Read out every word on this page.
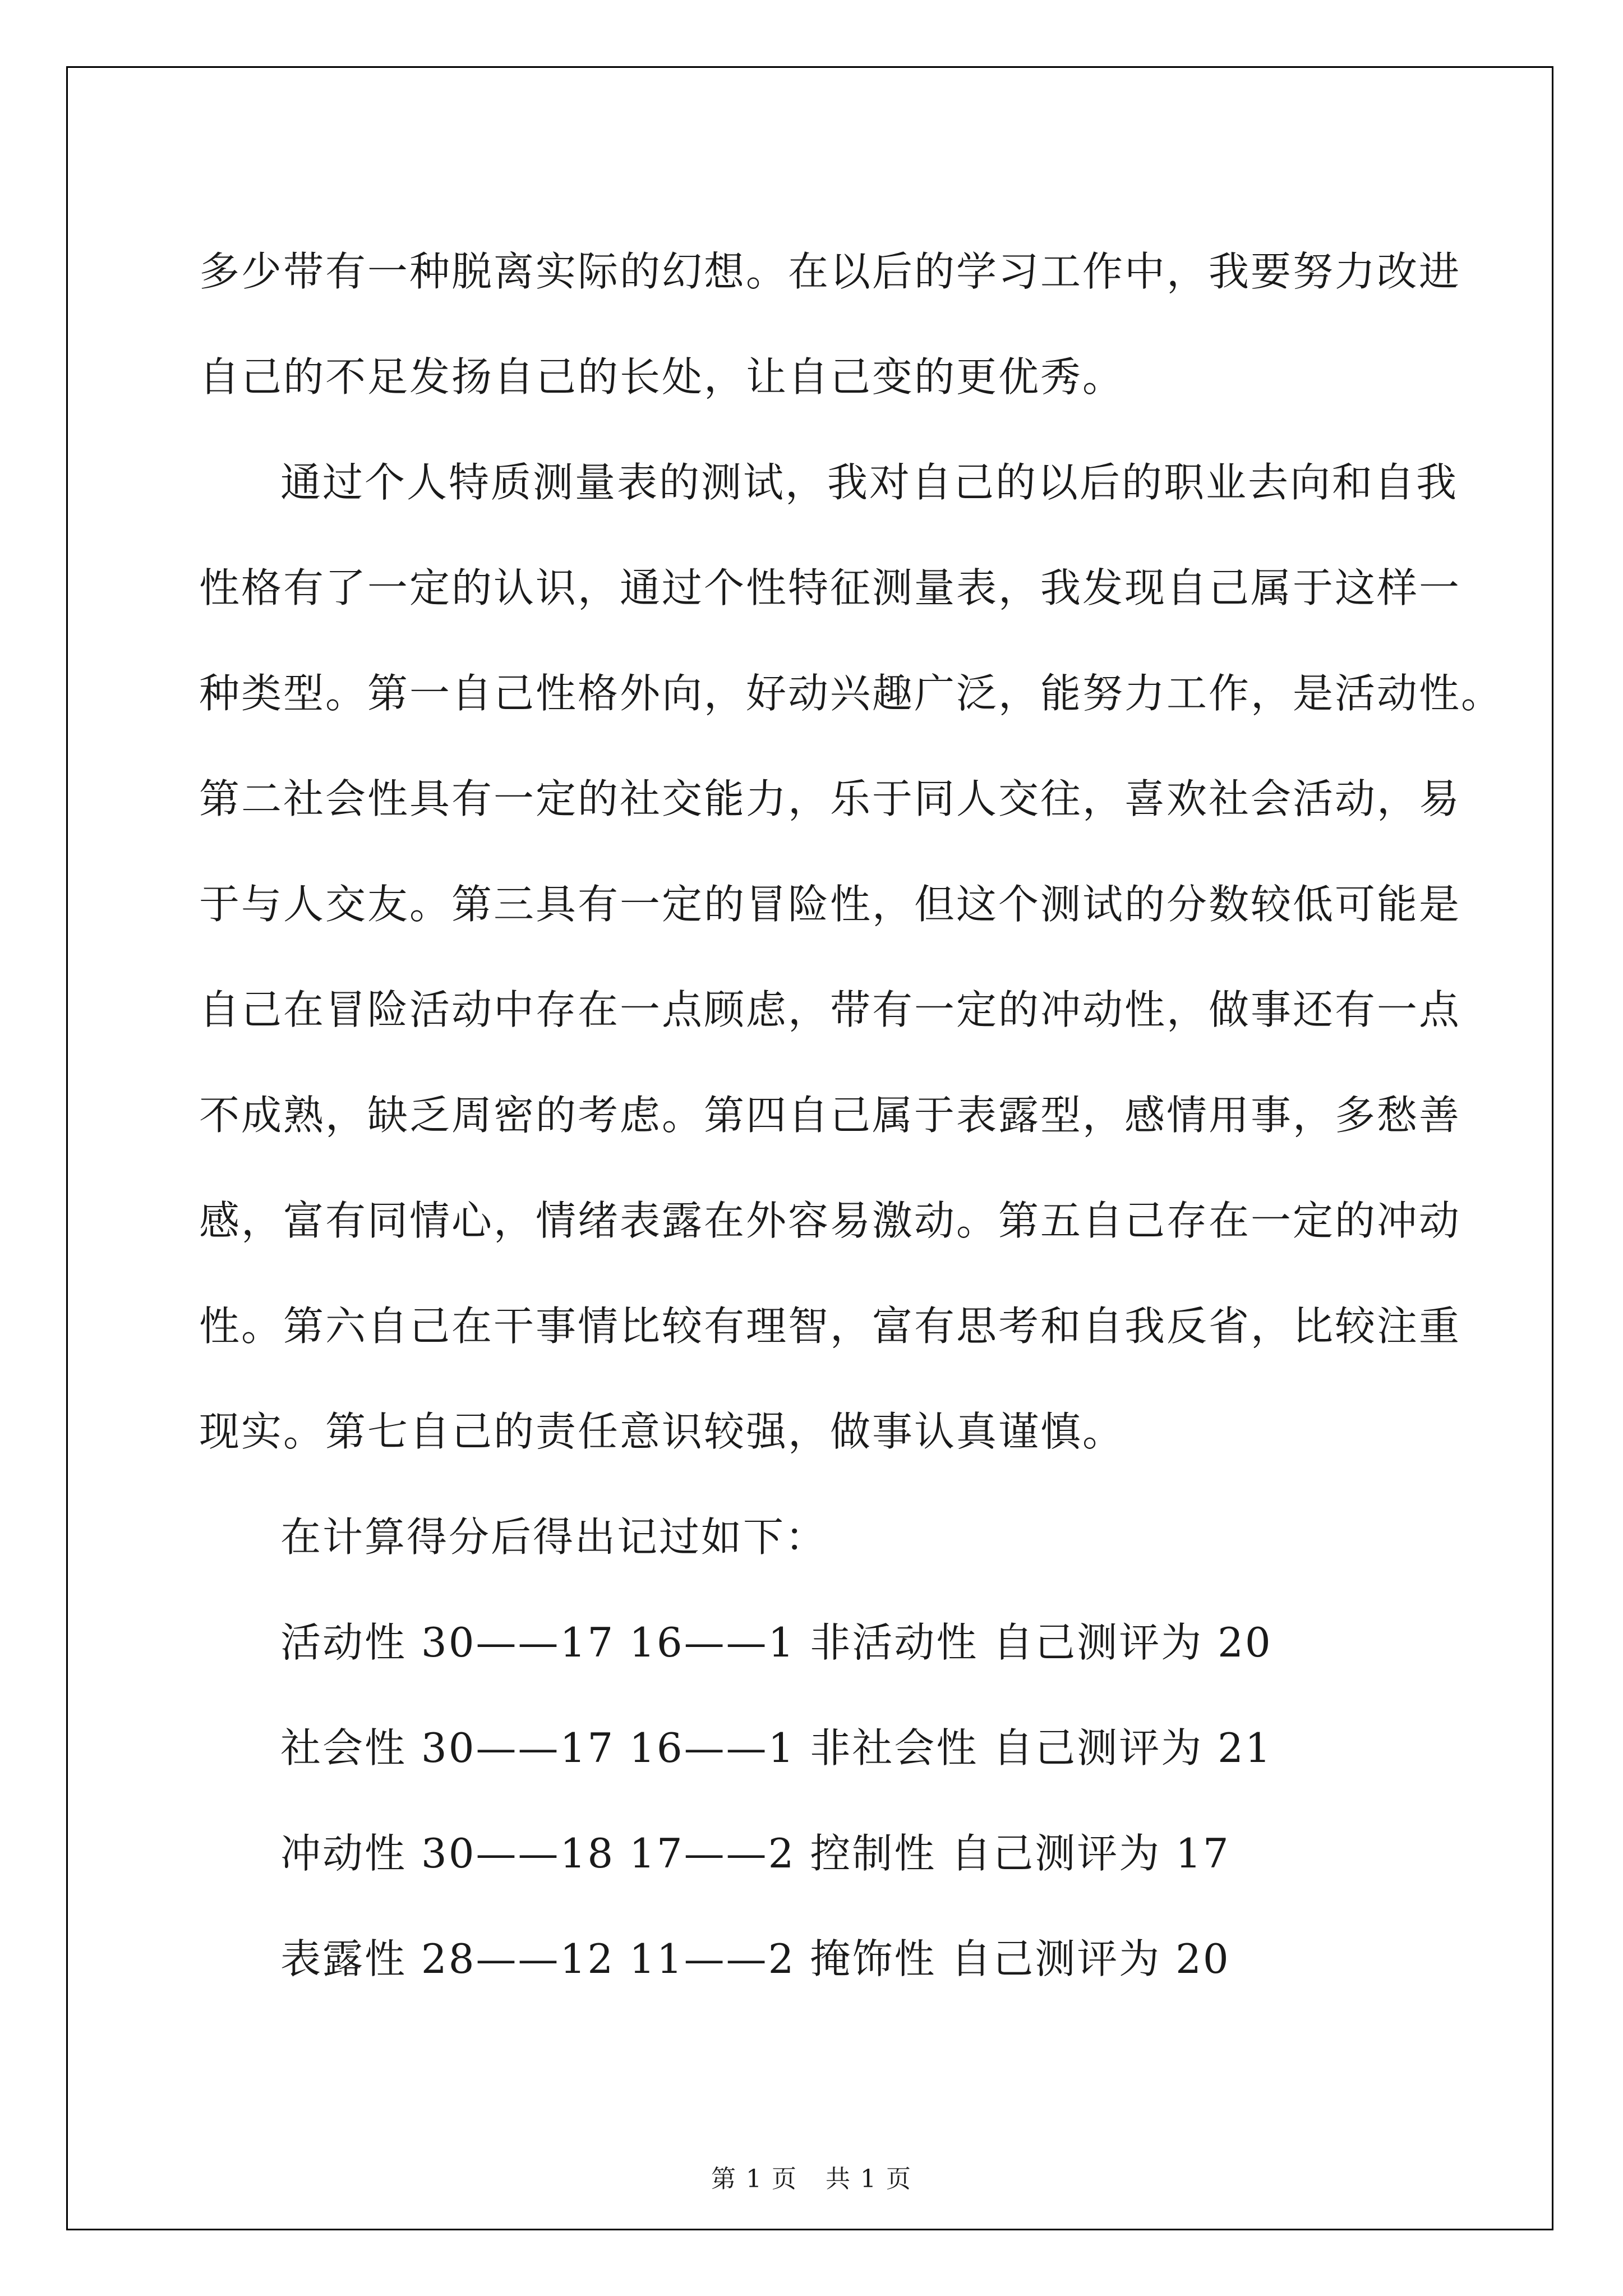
多少带有一种脱离实际的幻想。在以后的学习工作中，我要努力改进
自己的不足发扬自己的长处，让自己变的更优秀。
通过个人特质测量表的测试，我对自己的以后的职业去向和自我
性格有了一定的认识，通过个性特征测量表，我发现自己属于这样一
种类型。第一自己性格外向，好动兴趣广泛，能努力工作，是活动性。
第二社会性具有一定的社交能力，乐于同人交往，喜欢社会活动，易
于与人交友。第三具有一定的冒险性，但这个测试的分数较低可能是
自己在冒险活动中存在一点顾虑，带有一定的冲动性，做事还有一点
不成熟，缺乏周密的考虑。第四自己属于表露型，感情用事，多愁善
感，富有同情心，情绪表露在外容易激动。第五自己存在一定的冲动
性。第六自己在干事情比较有理智，富有思考和自我反省，比较注重
现实。第七自己的责任意识较强，做事认真谨慎。
在计算得分后得出记过如下：
活动性 30——17 16——1 非活动性 自己测评为 20
社会性 30——17 16——1 非社会性 自己测评为 21
冲动性 30——18 17——2 控制性 自己测评为 17
表露性 28——12 11——2 掩饰性 自己测评为 20
第 1 页 共 1 页
